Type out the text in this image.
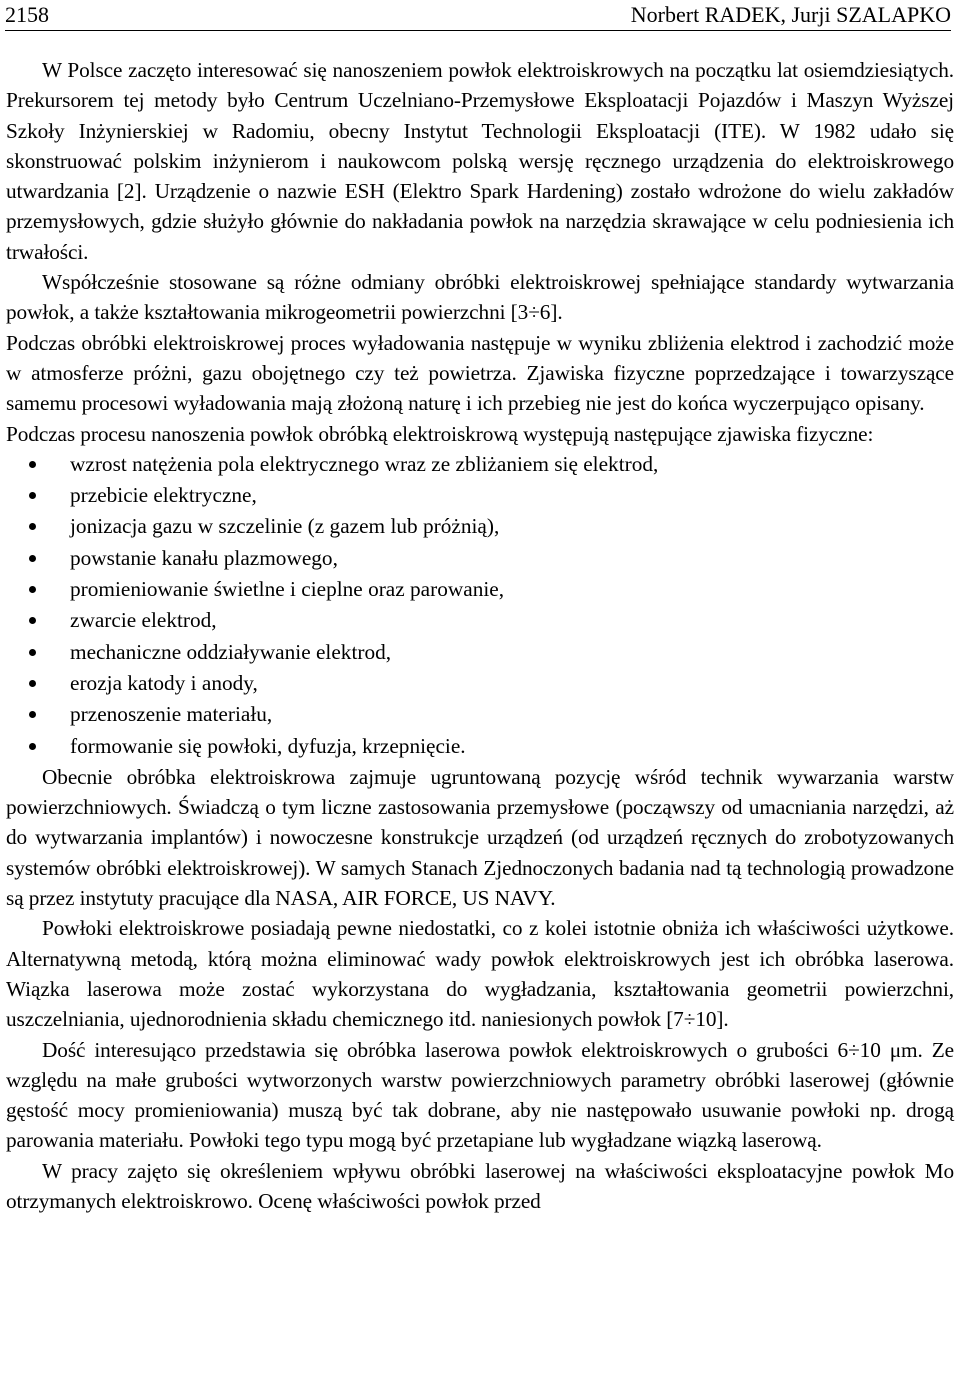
2158	Norbert RADEK, Jurji SZALAPKO

W Polsce zaczęto interesować się nanoszeniem powłok elektroiskrowych na początku lat osiemdziesiątych. Prekursorem tej metody było Centrum Uczelniano-Przemysłowe Eksploatacji Pojazdów i Maszyn Wyższej Szkoły Inżynierskiej w Radomiu, obecny Instytut Technologii Eksploatacji (ITE). W 1982 udało się skonstruować polskim inżynierom i naukowcom polską wersję ręcznego urządzenia do elektroiskrowego utwardzania [2]. Urządzenie o nazwie ESH (Elektro Spark Hardening) zostało wdrożone do wielu zakładów przemysłowych, gdzie służyło głównie do nakładania powłok na narzędzia skrawające w celu podniesienia ich trwałości.

Współcześnie stosowane są różne odmiany obróbki elektroiskrowej spełniające standardy wytwarzania powłok, a także kształtowania mikrogeometrii powierzchni [3÷6].

Podczas obróbki elektroiskrowej proces wyładowania następuje w wyniku zbliżenia elektrod i zachodzić może w atmosferze próżni, gazu obojętnego czy też powietrza. Zjawiska fizyczne poprzedzające i towarzyszące samemu procesowi wyładowania mają złożoną naturę i ich przebieg nie jest do końca wyczerpująco opisany.

Podczas procesu nanoszenia powłok obróbką elektroiskrową występują następujące zjawiska fizyczne:

wzrost natężenia pola elektrycznego wraz ze zbliżaniem się elektrod,
przebicie elektryczne,
jonizacja gazu w szczelinie (z gazem lub próżnią),
powstanie kanału plazmowego,
promieniowanie świetlne i cieplne oraz parowanie,
zwarcie elektrod,
mechaniczne oddziaływanie elektrod,
erozja katody i anody,
przenoszenie materiału,
formowanie się powłoki, dyfuzja, krzepnięcie.

Obecnie obróbka elektroiskrowa zajmuje ugruntowaną pozycję wśród technik wywarzania warstw powierzchniowych. Świadczą o tym liczne zastosowania przemysłowe (począwszy od umacniania narzędzi, aż do wytwarzania implantów) i nowoczesne konstrukcje urządzeń (od urządzeń ręcznych do zrobotyzowanych systemów obróbki elektroiskrowej). W samych Stanach Zjednoczonych badania nad tą technologią prowadzone są przez instytuty pracujące dla NASA, AIR FORCE, US NAVY.

Powłoki elektroiskrowe posiadają pewne niedostatki, co z kolei istotnie obniża ich właściwości użytkowe. Alternatywną metodą, którą można eliminować wady powłok elektroiskrowych jest ich obróbka laserowa. Wiązka laserowa może zostać wykorzystana do wygładzania, kształtowania geometrii powierzchni, uszczelniania, ujednorodnienia składu chemicznego itd. naniesionych powłok [7÷10].

Dość interesująco przedstawia się obróbka laserowa powłok elektroiskrowych o grubości 6÷10 μm. Ze względu na małe grubości wytworzonych warstw powierzchniowych parametry obróbki laserowej (głównie gęstość mocy promieniowania) muszą być tak dobrane, aby nie następowało usuwanie powłoki np. drogą parowania materiału. Powłoki tego typu mogą być przetapiane lub wygładzane wiązką laserową.

W pracy zajęto się określeniem wpływu obróbki laserowej na właściwości eksploatacyjne powłok Mo otrzymanych elektroiskrowo. Ocenę właściwości powłok przed
